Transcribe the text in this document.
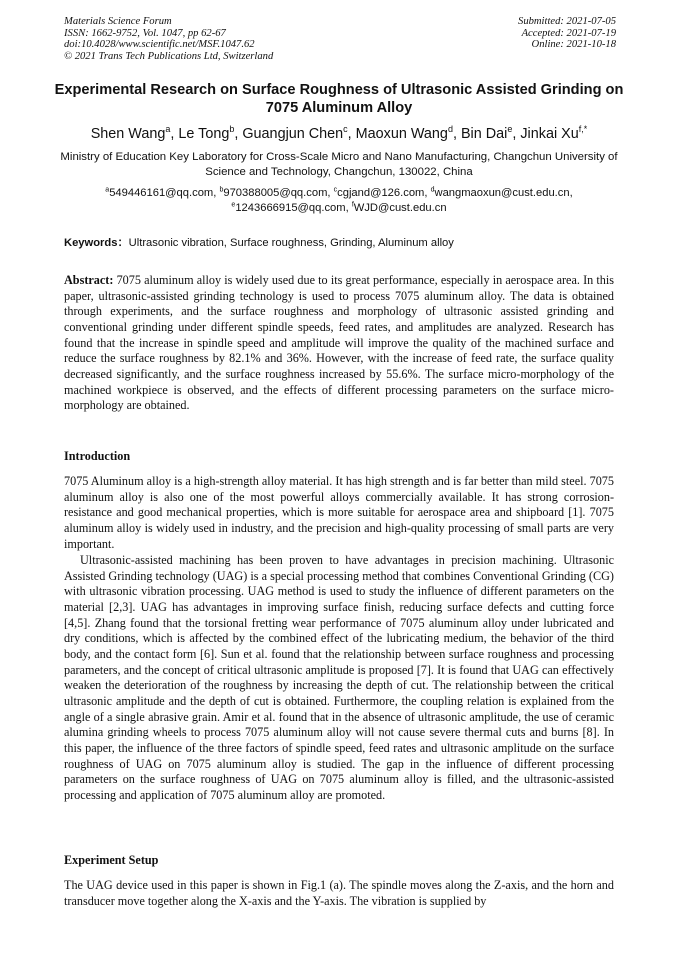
Materials Science Forum
ISSN: 1662-9752, Vol. 1047, pp 62-67
doi:10.4028/www.scientific.net/MSF.1047.62
© 2021 Trans Tech Publications Ltd, Switzerland
Submitted: 2021-07-05
Accepted: 2021-07-19
Online: 2021-10-18
Experimental Research on Surface Roughness of Ultrasonic Assisted Grinding on 7075 Aluminum Alloy
Shen Wang$^a$, Le Tong$^b$, Guangjun Chen$^c$, Maoxun Wang$^d$, Bin Dai$^e$, Jinkai $Xu^{f,*}$
Ministry of Education Key Laboratory for Cross-Scale Micro and Nano Manufacturing, Changchun University of Science and Technology, Changchun, 130022, China
$^a$549446161@qq.com, $^b$970388005@qq.com, $^c$cgjand@126.com, $^d$wangmaoxun@cust.edu.cn,
$^e$1243666915@qq.com, $^f$WJD@cust.edu.cn
Keywords：Ultrasonic vibration, Surface roughness, Grinding, Aluminum alloy
Abstract: 7075 aluminum alloy is widely used due to its great performance, especially in aerospace area. In this paper, ultrasonic-assisted grinding technology is used to process 7075 aluminum alloy. The data is obtained through experiments, and the surface roughness and morphology of ultrasonic assisted grinding and conventional grinding under different spindle speeds, feed rates, and amplitudes are analyzed. Research has found that the increase in spindle speed and amplitude will improve the quality of the machined surface and reduce the surface roughness by 82.1% and 36%. However, with the increase of feed rate, the surface quality decreased significantly, and the surface roughness increased by 55.6%. The surface micro-morphology of the machined workpiece is observed, and the effects of different processing parameters on the surface micro-morphology are obtained.
Introduction
7075 Aluminum alloy is a high-strength alloy material. It has high strength and is far better than mild steel. 7075 aluminum alloy is also one of the most powerful alloys commercially available. It has strong corrosion-resistance and good mechanical properties, which is more suitable for aerospace area and shipboard [1]. 7075 aluminum alloy is widely used in industry, and the precision and high-quality processing of small parts are very important.
Ultrasonic-assisted machining has been proven to have advantages in precision machining. Ultrasonic Assisted Grinding technology (UAG) is a special processing method that combines Conventional Grinding (CG) with ultrasonic vibration processing. UAG method is used to study the influence of different parameters on the material [2,3]. UAG has advantages in improving surface finish, reducing surface defects and cutting force [4,5]. Zhang found that the torsional fretting wear performance of 7075 aluminum alloy under lubricated and dry conditions, which is affected by the combined effect of the lubricating medium, the behavior of the third body, and the contact form [6]. Sun et al. found that the relationship between surface roughness and processing parameters, and the concept of critical ultrasonic amplitude is proposed [7]. It is found that UAG can effectively weaken the deterioration of the roughness by increasing the depth of cut. The relationship between the critical ultrasonic amplitude and the depth of cut is obtained. Furthermore, the coupling relation is explained from the angle of a single abrasive grain. Amir et al. found that in the absence of ultrasonic amplitude, the use of ceramic alumina grinding wheels to process 7075 aluminum alloy will not cause severe thermal cuts and burns [8]. In this paper, the influence of the three factors of spindle speed, feed rates and ultrasonic amplitude on the surface roughness of UAG on 7075 aluminum alloy is studied. The gap in the influence of different processing parameters on the surface roughness of UAG on 7075 aluminum alloy is filled, and the ultrasonic-assisted processing and application of 7075 aluminum alloy are promoted.
Experiment Setup
The UAG device used in this paper is shown in Fig.1 (a). The spindle moves along the Z-axis, and the horn and transducer move together along the X-axis and the Y-axis. The vibration is supplied by
